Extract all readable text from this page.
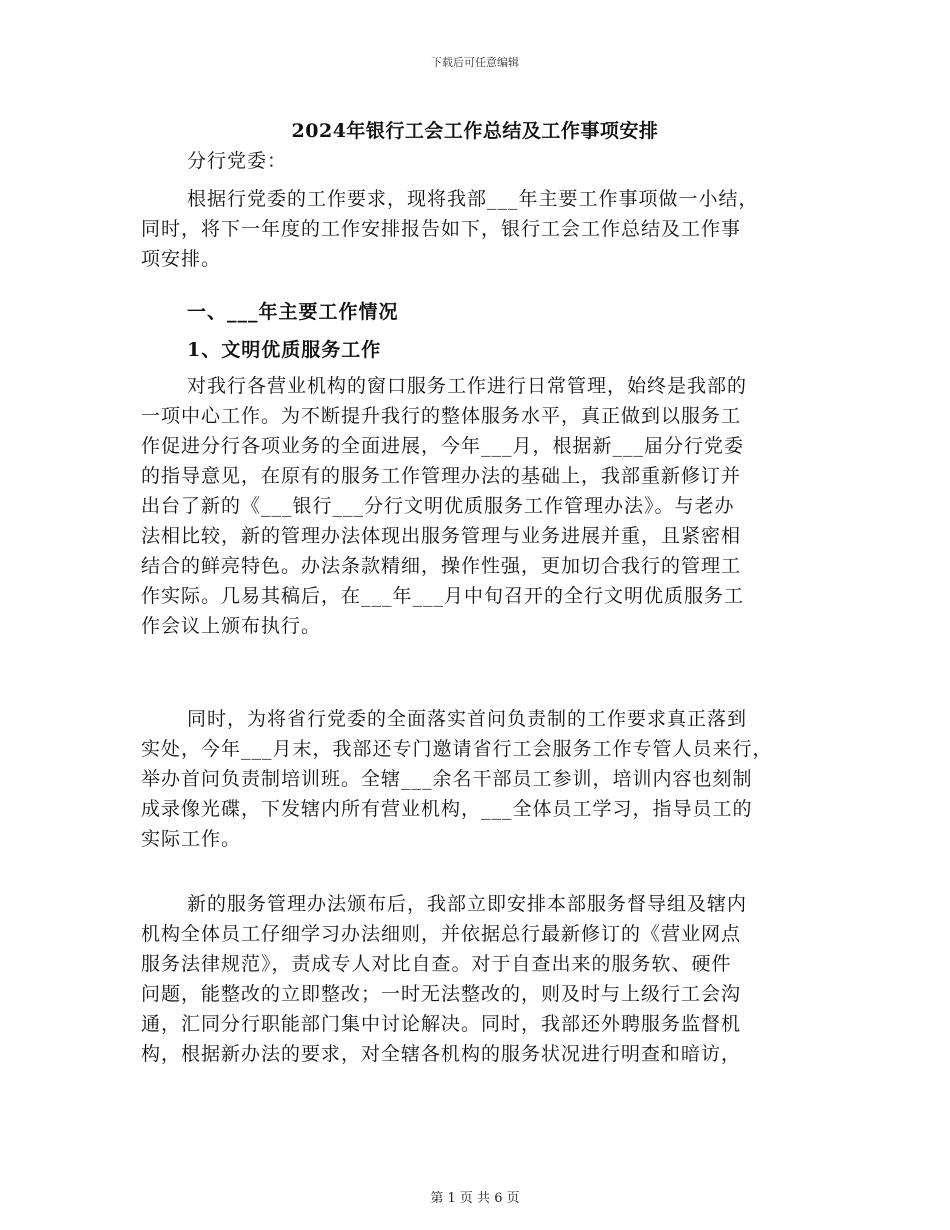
下载后可任意编辑
2024年银行工会工作总结及工作事项安排
分行党委：
根据行党委的工作要求，现将我部___年主要工作事项做一小结，
同时，将下一年度的工作安排报告如下，银行工会工作总结及工作事
项安排。
一、___年主要工作情况
1、文明优质服务工作
对我行各营业机构的窗口服务工作进行日常管理，始终是我部的
一项中心工作。为不断提升我行的整体服务水平，真正做到以服务工
作促进分行各项业务的全面进展，今年___月，根据新___届分行党委
的指导意见，在原有的服务工作管理办法的基础上，我部重新修订并
出台了新的《___银行___分行文明优质服务工作管理办法》。与老办
法相比较，新的管理办法体现出服务管理与业务进展并重，且紧密相
结合的鲜亮特色。办法条款精细，操作性强，更加切合我行的管理工
作实际。几易其稿后，在___年___月中旬召开的全行文明优质服务工
作会议上颁布执行。
同时，为将省行党委的全面落实首问负责制的工作要求真正落到
实处，今年___月末，我部还专门邀请省行工会服务工作专管人员来行，
举办首问负责制培训班。全辖___余名干部员工参训，培训内容也刻制
成录像光碟，下发辖内所有营业机构，___全体员工学习，指导员工的
实际工作。
新的服务管理办法颁布后，我部立即安排本部服务督导组及辖内
机构全体员工仔细学习办法细则，并依据总行最新修订的《营业网点
服务法律规范》，责成专人对比自查。对于自查出来的服务软、硬件
问题，能整改的立即整改；一时无法整改的，则及时与上级行工会沟
通，汇同分行职能部门集中讨论解决。同时，我部还外聘服务监督机
构，根据新办法的要求，对全辖各机构的服务状况进行明查和暗访，
第 1 页 共 6 页
